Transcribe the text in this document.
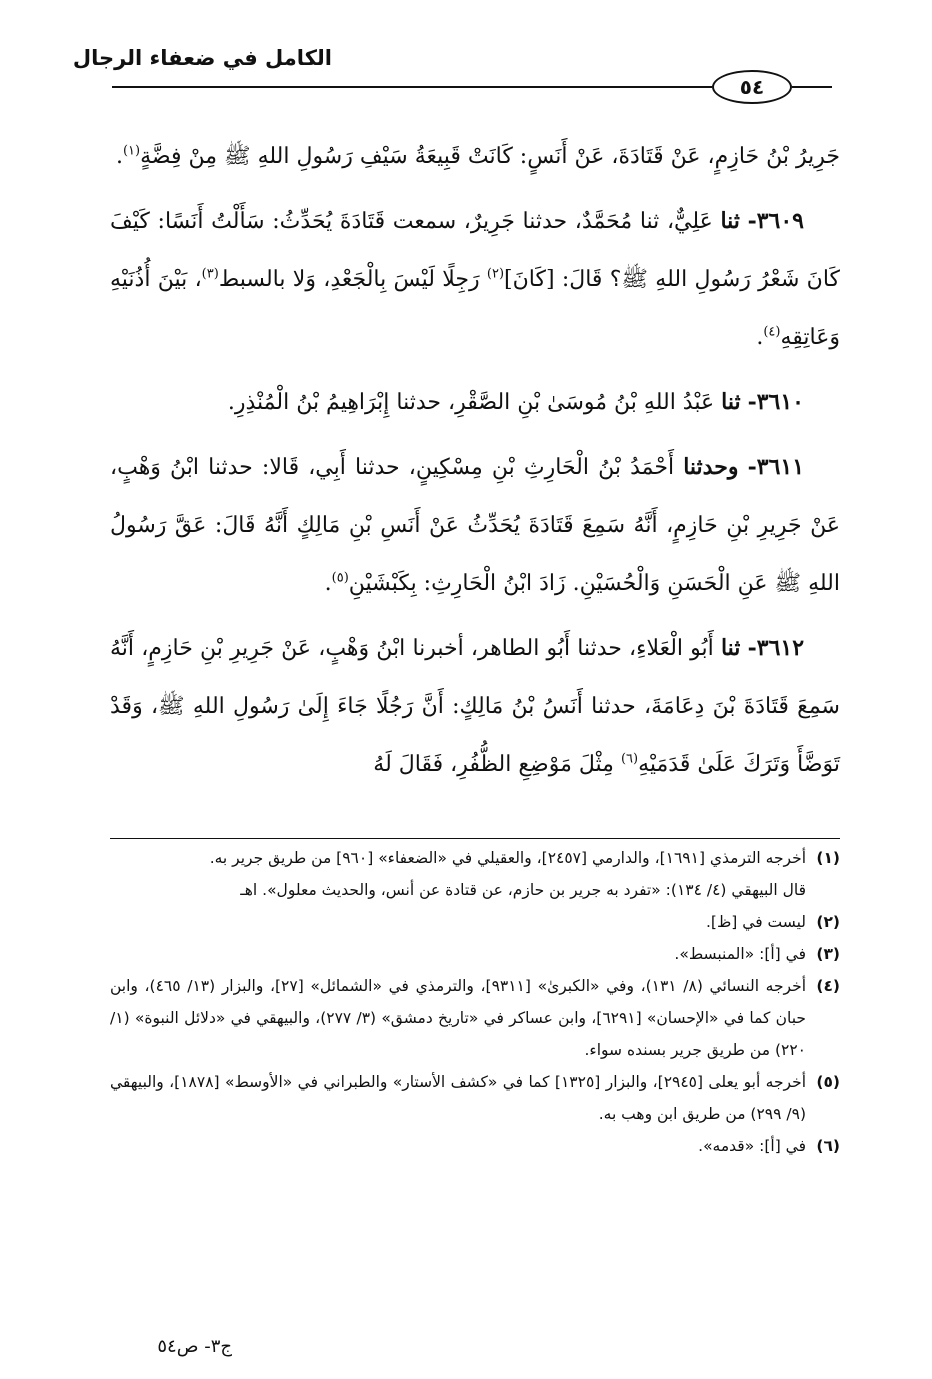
الكامل في ضعفاء الرجال
٥٤

جَرِيرُ بْنُ حَازِمٍ، عَنْ قَتَادَةَ، عَنْ أَنَسٍ: كَانَتْ قَبِيعَةُ سَيْفِ رَسُولِ اللهِ ﷺ مِنْ فِضَّةٍ$^{(١)}$.

٣٦٠٩- ثنا عَلِيٌّ، ثنا مُحَمَّدٌ، حدثنا جَرِيرٌ، سمعت قَتَادَةَ يُحَدِّثُ: سَأَلْتُ أَنَسًا: كَيْفَ كَانَ شَعْرُ رَسُولِ اللهِ ﷺ؟ قَالَ: [كَانَ]$^{(٢)}$ رَجِلًا لَيْسَ بِالْجَعْدِ، وَلا بالسبط$^{(٣)}$، بَيْنَ أُذُنَيْهِ وَعَاتِقِهِ$^{(٤)}$.

٣٦١٠- ثنا عَبْدُ اللهِ بْنُ مُوسَىٰ بْنِ الصَّقْرِ، حدثنا إِبْرَاهِيمُ بْنُ الْمُنْذِرِ.

٣٦١١- وحدثنا أَحْمَدُ بْنُ الْحَارِثِ بْنِ مِسْكِينٍ، حدثنا أَبِي، قَالا: حدثنا ابْنُ وَهْبٍ، عَنْ جَرِيرِ بْنِ حَازِمٍ، أَنَّهُ سَمِعَ قَتَادَةَ يُحَدِّثُ عَنْ أَنَسِ بْنِ مَالِكٍ أَنَّهُ قَالَ: عَقَّ رَسُولُ اللهِ ﷺ عَنِ الْحَسَنِ وَالْحُسَيْنِ. زَادَ ابْنُ الْحَارِثِ: بِكَبْشَيْنِ$^{(٥)}$.

٣٦١٢- ثنا أَبُو الْعَلاءِ، حدثنا أَبُو الطاهر، أخبرنا ابْنُ وَهْبٍ، عَنْ جَرِيرِ بْنِ حَازِمٍ، أَنَّهُ سَمِعَ قَتَادَةَ بْنَ دِعَامَةَ، حدثنا أَنَسُ بْنُ مَالِكٍ: أَنَّ رَجُلًا جَاءَ إِلَىٰ رَسُولِ اللهِ ﷺ، وَقَدْ تَوَضَّأَ وَتَرَكَ عَلَىٰ قَدَمَيْهِ$^{(٦)}$ مِثْلَ مَوْضِعِ الظُّفُرِ، فَقَالَ لَهُ

(١)أخرجه الترمذي [١٦٩١]، والدارمي [٢٤٥٧]، والعقيلي في «الضعفاء» [٩٦٠] من طريق جرير به.

قال البيهقي (٤/ ١٣٤): «تفرد به جرير بن حازم، عن قتادة عن أنس، والحديث معلول». اهـ

(٢)ليست في [ظ].

(٣)في [أ]: «المنبسط».

(٤)أخرجه النسائي (٨/ ١٣١)، وفي «الكبرىٰ» [٩٣١١]، والترمذي في «الشمائل» [٢٧]، والبزار (١٣/ ٤٦٥)، وابن حبان كما في «الإحسان» [٦٢٩١]، وابن عساكر في «تاريخ دمشق» (٣/ ٢٧٧)، والبيهقي في «دلائل النبوة» (١/ ٢٢٠) من طريق جرير بسنده سواء.

(٥)أخرجه أبو يعلى [٢٩٤٥]، والبزار [١٣٢٥] كما في «كشف الأستار» والطبراني في «الأوسط» [١٨٧٨]، والبيهقي (٩/ ٢٩٩) من طريق ابن وهب به.

(٦)في [أ]: «قدمه».

ج٣- ص٥٤
